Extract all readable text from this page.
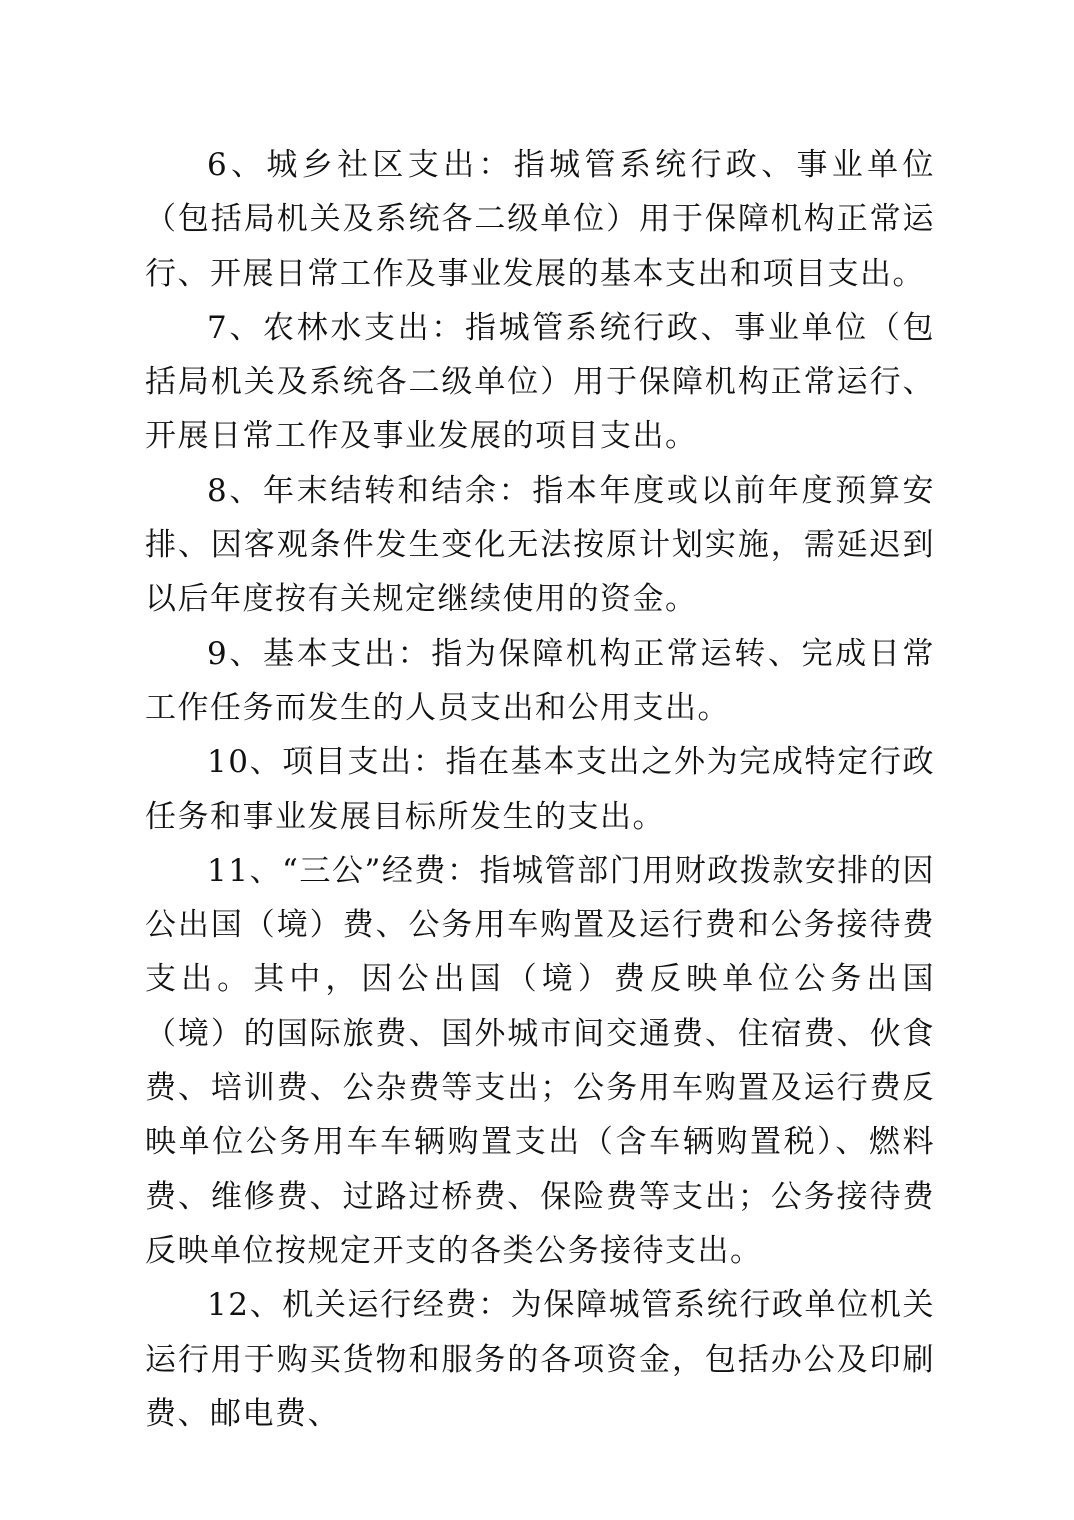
6、城乡社区支出：指城管系统行政、事业单位（包括局机关及系统各二级单位）用于保障机构正常运行、开展日常工作及事业发展的基本支出和项目支出。

7、农林水支出：指城管系统行政、事业单位（包括局机关及系统各二级单位）用于保障机构正常运行、开展日常工作及事业发展的项目支出。

8、年末结转和结余：指本年度或以前年度预算安排、因客观条件发生变化无法按原计划实施，需延迟到以后年度按有关规定继续使用的资金。

9、基本支出：指为保障机构正常运转、完成日常工作任务而发生的人员支出和公用支出。

10、项目支出：指在基本支出之外为完成特定行政任务和事业发展目标所发生的支出。

11、“三公”经费：指城管部门用财政拨款安排的因公出国（境）费、公务用车购置及运行费和公务接待费支出。其中，因公出国（境）费反映单位公务出国（境）的国际旅费、国外城市间交通费、住宿费、伙食费、培训费、公杂费等支出；公务用车购置及运行费反映单位公务用车车辆购置支出（含车辆购置税）、燃料费、维修费、过路过桥费、保险费等支出；公务接待费反映单位按规定开支的各类公务接待支出。

12、机关运行经费：为保障城管系统行政单位机关运行用于购买货物和服务的各项资金，包括办公及印刷费、邮电费、
